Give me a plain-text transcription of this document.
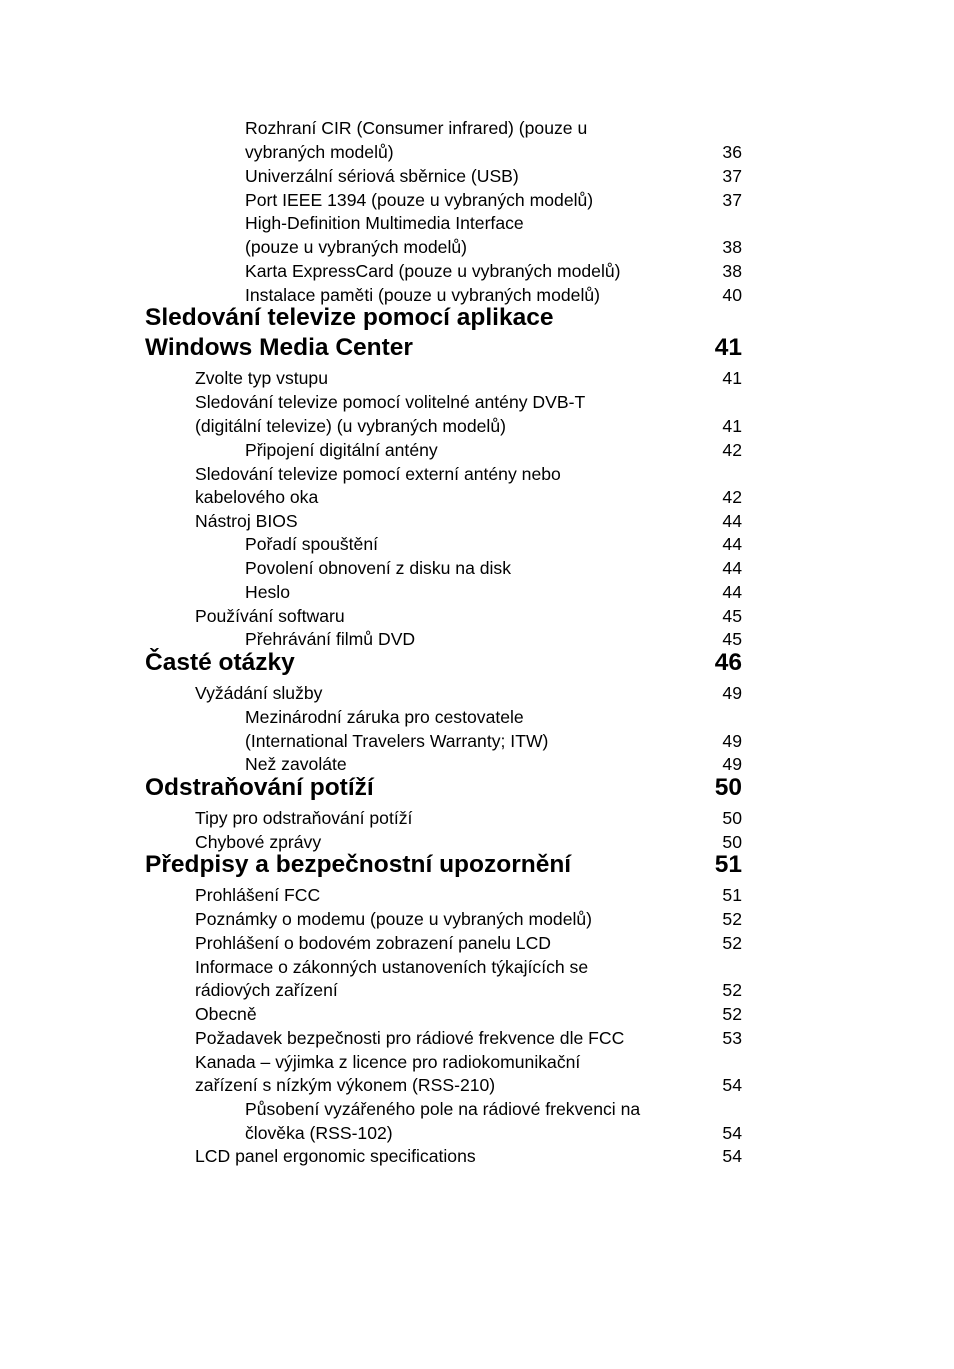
Rozhraní CIR (Consumer infrared) (pouze u
vybraných modelů)	36
Univerzální sériová sběrnice (USB)	37
Port IEEE 1394 (pouze u vybraných modelů)	37
High-Definition Multimedia Interface
(pouze u vybraných modelů)	38
Karta ExpressCard (pouze u vybraných modelů)	38
Instalace paměti (pouze u vybraných modelů)	40
Sledování televize pomocí aplikace
Windows Media Center	41
Zvolte typ vstupu	41
Sledování televize pomocí volitelné antény DVB-T
(digitální televize) (u vybraných modelů)	41
Připojení digitální antény	42
Sledování televize pomocí externí antény nebo
kabelového oka	42
Nástroj BIOS	44
Pořadí spouštění	44
Povolení obnovení z disku na disk	44
Heslo	44
Používání softwaru	45
Přehrávání filmů DVD	45
Časté otázky	46
Vyžádání služby	49
Mezinárodní záruka pro cestovatele
(International Travelers Warranty; ITW)	49
Než zavoláte	49
Odstraňování potíží	50
Tipy pro odstraňování potíží	50
Chybové zprávy	50
Předpisy a bezpečnostní upozornění	51
Prohlášení FCC	51
Poznámky o modemu (pouze u vybraných modelů)	52
Prohlášení o bodovém zobrazení panelu LCD	52
Informace o zákonných ustanoveních týkajících se
rádiových zařízení	52
Obecně	52
Požadavek bezpečnosti pro rádiové frekvence dle FCC	53
Kanada – výjimka z licence pro radiokomunikační
zařízení s nízkým výkonem (RSS-210)	54
Působení vyzářeného pole na rádiové frekvenci na
člověka (RSS-102)	54
LCD panel ergonomic specifications	54
